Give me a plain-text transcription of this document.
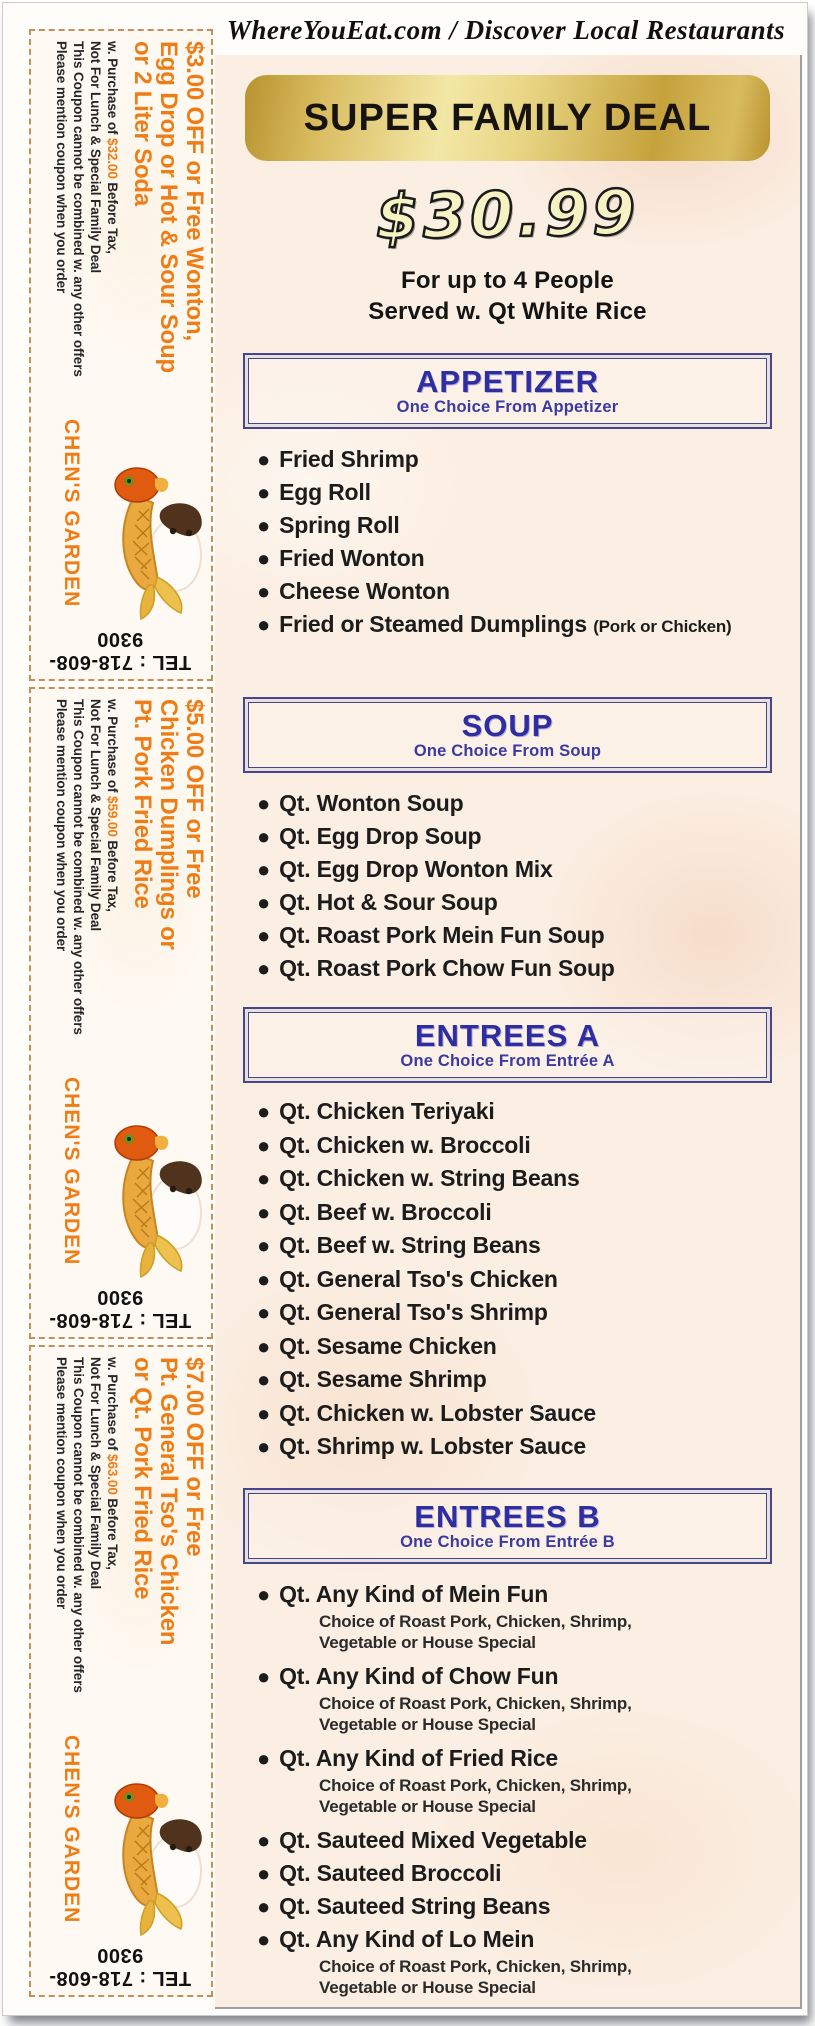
WhereYouEat.com / Discover Local Restaurants
$3.00 OFF or Free Wonton,
Egg Drop or Hot & Sour Soup
or 2 Liter Soda
w. Purchase of $32.00 Before Tax,
Not For Lunch & Special Family Deal
This Coupon cannot be combined w. any other offers
Please mention coupon when you order
CHEN'S GARDEN
TEL : 718-608-9300
$5.00 OFF or Free
Chicken Dumplings or
Pt. Pork Fried Rice
w. Purchase of $59.00 Before Tax,
Not For Lunch & Special Family Deal
This Coupon cannot be combined w. any other offers
Please mention coupon when you order
CHEN'S GARDEN
TEL : 718-608-9300
$7.00 OFF or Free
Pt. General Tso's Chicken
or Qt. Pork Fried Rice
w. Purchase of $63.00 Before Tax,
Not For Lunch & Special Family Deal
This Coupon cannot be combined w. any other offers
Please mention coupon when you order
CHEN'S GARDEN
TEL : 718-608-9300
SUPER FAMILY DEAL
$30.99
For up to 4 People
Served w. Qt White Rice
APPETIZER
One Choice From Appetizer
● Fried Shrimp
● Egg Roll
● Spring Roll
● Fried Wonton
● Cheese Wonton
● Fried or Steamed Dumplings (Pork or Chicken)
SOUP
One Choice From Soup
● Qt. Wonton Soup
● Qt. Egg Drop Soup
● Qt. Egg Drop Wonton Mix
● Qt. Hot & Sour Soup
● Qt. Roast Pork Mein Fun Soup
● Qt. Roast Pork Chow Fun Soup
ENTREES A
One Choice From Entrée A
● Qt. Chicken Teriyaki
● Qt. Chicken w. Broccoli
● Qt. Chicken w. String Beans
● Qt. Beef w. Broccoli
● Qt. Beef w. String Beans
● Qt. General Tso's Chicken
● Qt. General Tso's Shrimp
● Qt. Sesame Chicken
● Qt. Sesame Shrimp
● Qt. Chicken w. Lobster Sauce
● Qt. Shrimp w. Lobster Sauce
ENTREES B
One Choice From Entrée B
● Qt. Any Kind of Mein Fun
Choice of Roast Pork, Chicken, Shrimp,
Vegetable or House Special
● Qt. Any Kind of Chow Fun
Choice of Roast Pork, Chicken, Shrimp,
Vegetable or House Special
● Qt. Any Kind of Fried Rice
Choice of Roast Pork, Chicken, Shrimp,
Vegetable or House Special
● Qt. Sauteed Mixed Vegetable
● Qt. Sauteed Broccoli
● Qt. Sauteed String Beans
● Qt. Any Kind of Lo Mein
Choice of Roast Pork, Chicken, Shrimp,
Vegetable or House Special
